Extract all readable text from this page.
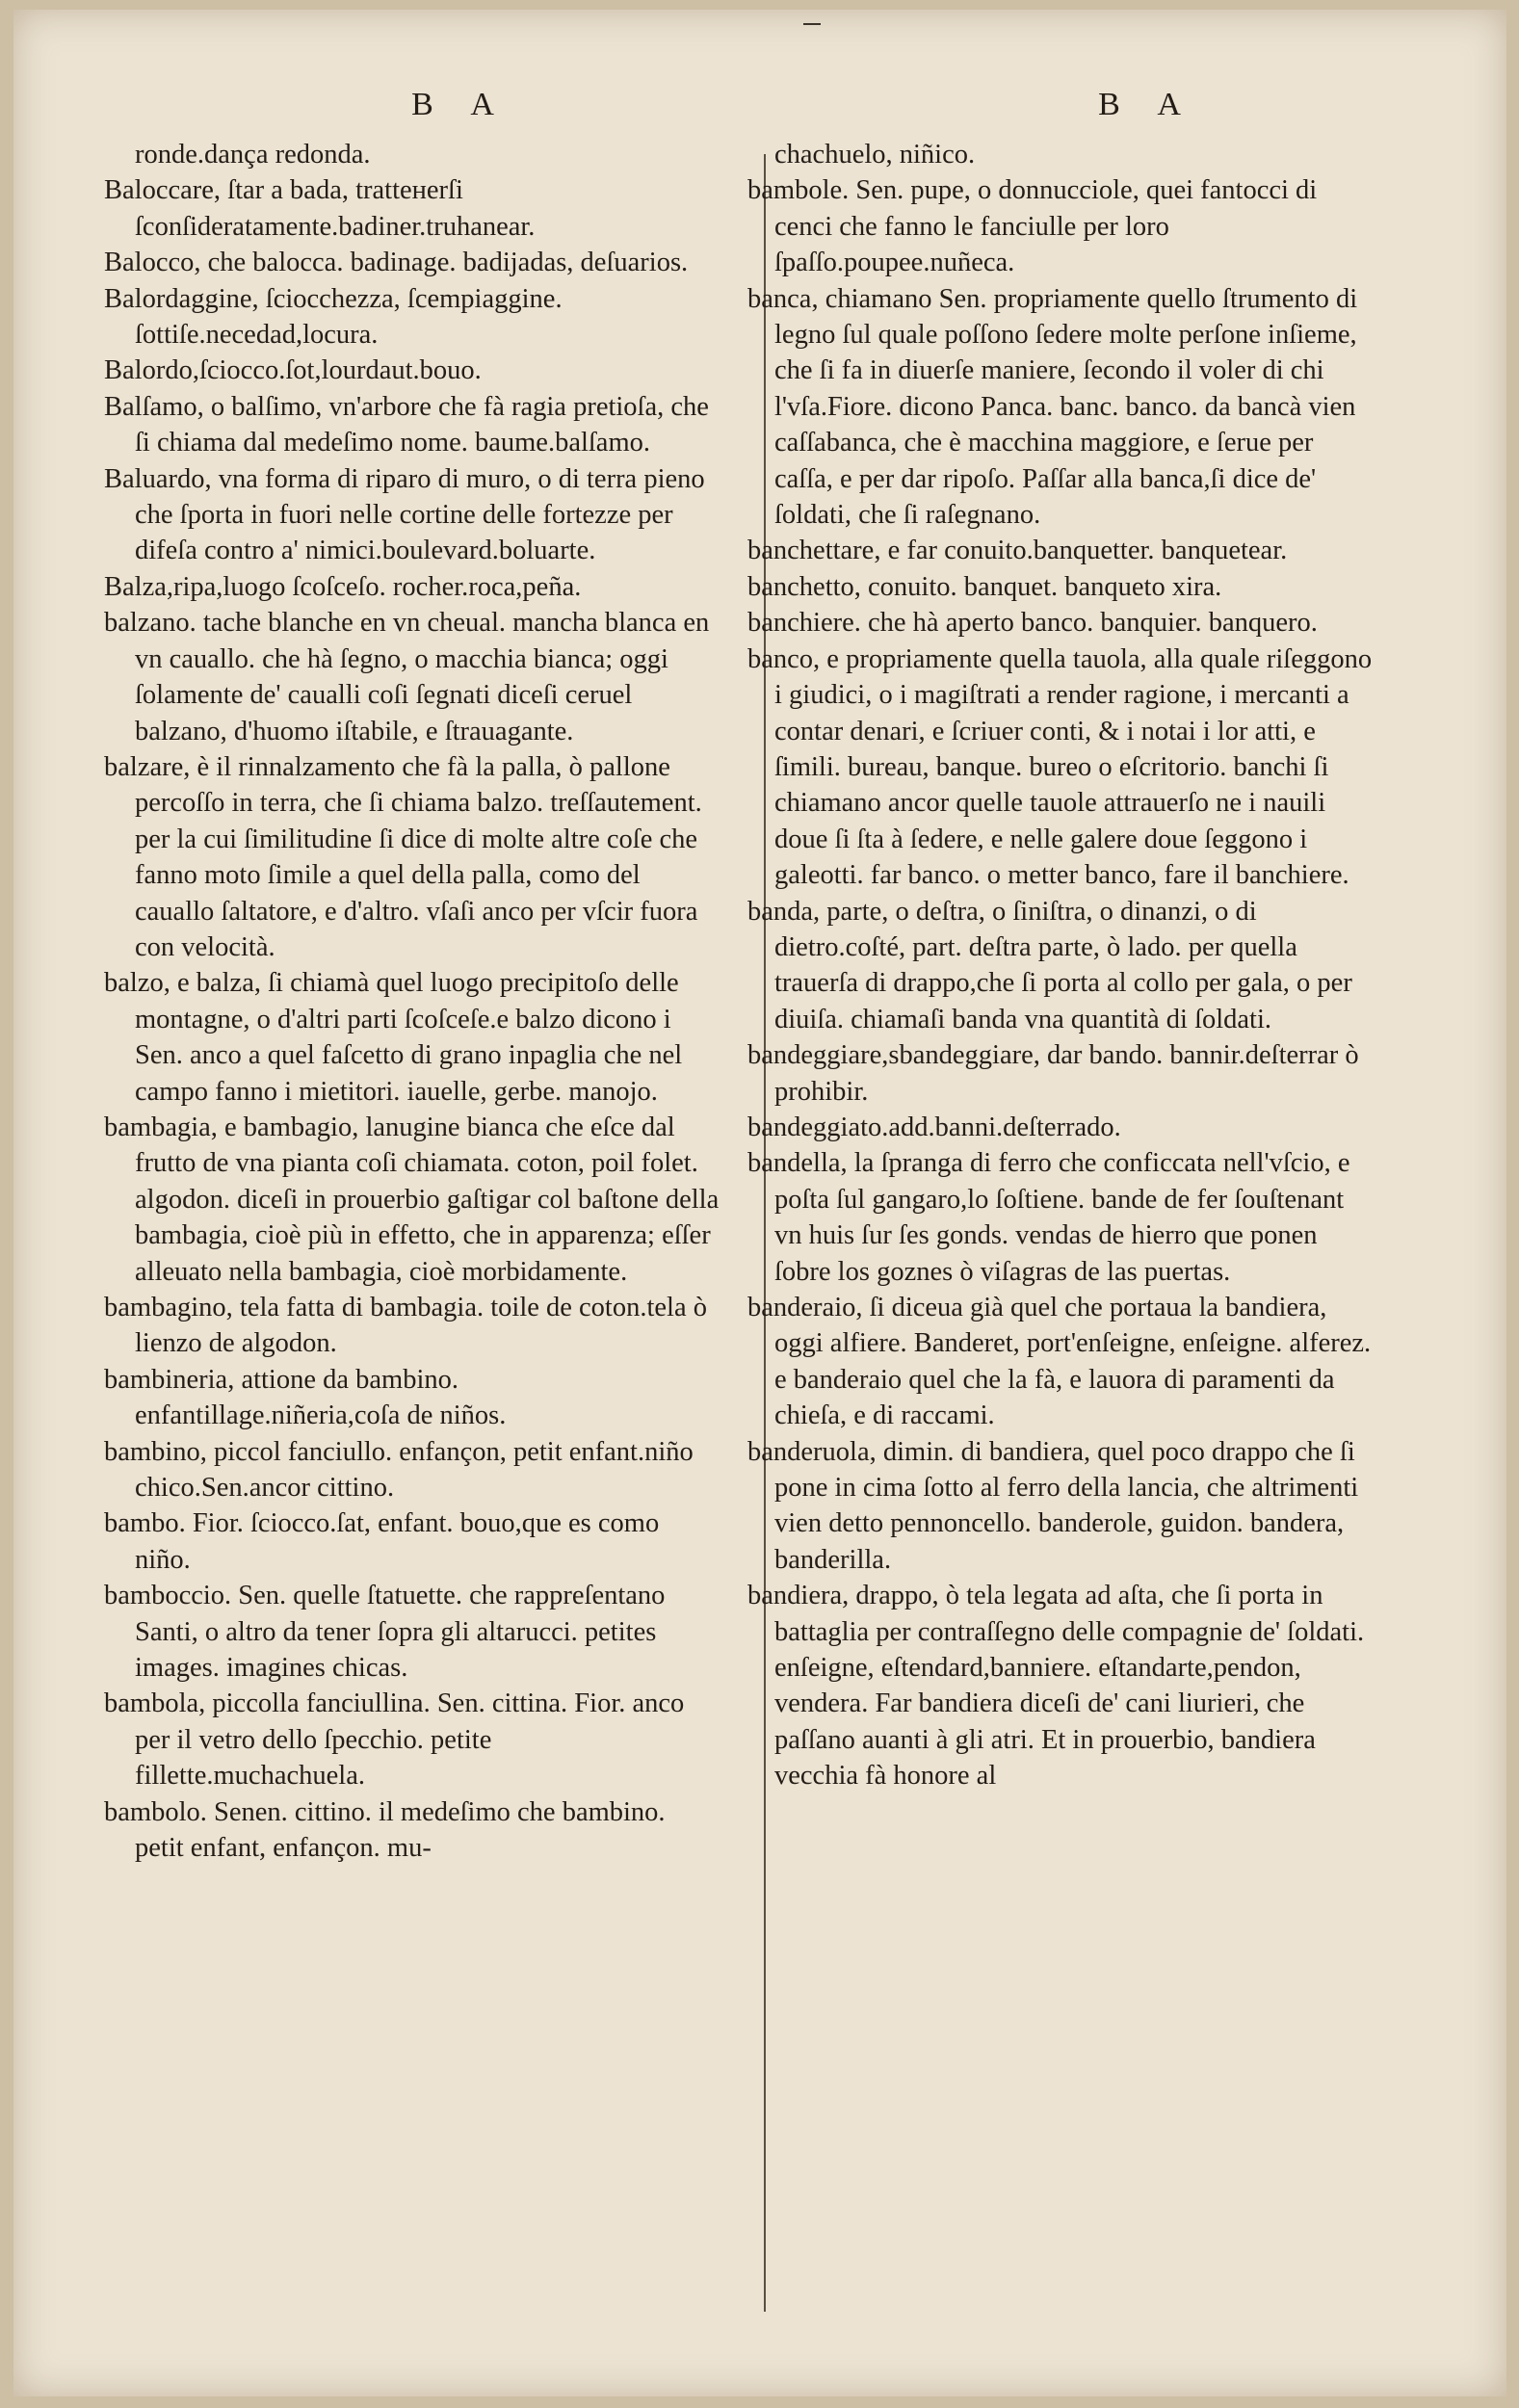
B A

ronde.dança redonda.

Baloccare, ſtar a bada, tratteнerſi ſconſideratamente.badiner.truhanear.

Balocco, che balocca. badinage. badijadas, deſuarios.

Balordaggine, ſciocchezza, ſcempiaggine. ſottiſe.necedad,locura.

Balordo,ſciocco.ſot,lourdaut.bouo.

Balſamo, o balſimo, vn'arbore che fà ragia pretioſa, che ſi chiama dal medeſimo nome. baume.balſamo.

Baluardo, vna forma di riparo di muro, o di terra pieno che ſporta in fuori nelle cortine delle fortezze per difeſa contro a' nimici.boulevard.boluarte.

Balza,ripa,luogo ſcoſceſo. rocher.roca,peña.

balzano. tache blanche en vn cheual. mancha blanca en vn cauallo. che hà ſegno, o macchia bianca; oggi ſolamente de' caualli coſi ſegnati diceſi ceruel balzano, d'huomo iſtabile, e ſtrauagante.

balzare, è il rinnalzamento che fà la palla, ò pallone percoſſo in terra, che ſi chiama balzo. treſſautement. per la cui ſimilitudine ſi dice di molte altre coſe che fanno moto ſimile a quel della palla, como del cauallo ſaltatore, e d'altro. vſaſi anco per vſcir fuora con velocità.

balzo, e balza, ſi chiamà quel luogo precipitoſo delle montagne, o d'altri parti ſcoſceſe.e balzo dicono i Sen. anco a quel faſcetto di grano inpaglia che nel campo fanno i mietitori. iauelle, gerbe. manojo.

bambagia, e bambagio, lanugine bianca che eſce dal frutto de vna pianta coſi chiamata. coton, poil folet. algodon. diceſi in prouerbio gaſtigar col baſtone della bambagia, cioè più in effetto, che in apparenza; eſſer alleuato nella bambagia, cioè morbidamente.

bambagino, tela fatta di bambagia. toile de coton.tela ò lienzo de algodon.

bambineria, attione da bambino. enfantillage.niñeria,coſa de niños.

bambino, piccol fanciullo. enfançon, petit enfant.niño chico.Sen.ancor cittino.

bambo. Fior. ſciocco.ſat, enfant. bouo,que es como niño.

bamboccio. Sen. quelle ſtatuette. che rappreſentano Santi, o altro da tener ſopra gli altarucci. petites images. imagines chicas.

bambola, piccolla fanciullina. Sen. cittina. Fior. anco per il vetro dello ſpecchio. petite fillette.muchachuela.

bambolo. Senen. cittino. il medeſimo che bambino. petit enfant, enfançon. mu-

B A

chachuelo, niñico.

bambole. Sen. pupe, o donnucciole, quei fantocci di cenci che fanno le fanciulle per loro ſpaſſo.poupee.nuñeca.

banca, chiamano Sen. propriamente quello ſtrumento di legno ſul quale poſſono ſedere molte perſone inſieme, che ſi fa in diuerſe maniere, ſecondo il voler di chi l'vſa.Fiore. dicono Panca. banc. banco. da bancà vien caſſabanca, che è macchina maggiore, e ſerue per caſſa, e per dar ripoſo. Paſſar alla banca,ſi dice de' ſoldati, che ſi raſegnano.

banchettare, e far conuito.banquetter. banquetear.

banchetto, conuito. banquet. banqueto xira.

banchiere. che hà aperto banco. banquier. banquero.

banco, e propriamente quella tauola, alla quale riſeggono i giudici, o i magiſtrati a render ragione, i mercanti a contar denari, e ſcriuer conti, & i notai i lor atti, e ſimili. bureau, banque. bureo o eſcritorio. banchi ſi chiamano ancor quelle tauole attrauerſo ne i nauili doue ſi ſta à ſedere, e nelle galere doue ſeggono i galeotti. far banco. o metter banco, fare il banchiere.

banda, parte, o deſtra, o ſiniſtra, o dinanzi, o di dietro.coſté, part. deſtra parte, ò lado. per quella trauerſa di drappo,che ſi porta al collo per gala, o per diuiſa. chiamaſi banda vna quantità di ſoldati.

bandeggiare,sbandeggiare, dar bando. bannir.deſterrar ò prohibir.

bandeggiato.add.banni.deſterrado.

bandella, la ſpranga di ferro che conficcata nell'vſcio, e poſta ſul gangaro,lo ſoſtiene. bande de fer ſouſtenant vn huis ſur ſes gonds. vendas de hierro que ponen ſobre los goznes ò viſagras de las puertas.

banderaio, ſi diceua già quel che portaua la bandiera, oggi alfiere. Banderet, port'enſeigne, enſeigne. alferez. e banderaio quel che la fà, e lauora di paramenti da chieſa, e di raccami.

banderuola, dimin. di bandiera, quel poco drappo che ſi pone in cima ſotto al ferro della lancia, che altrimenti vien detto pennoncello. banderole, guidon. bandera, banderilla.

bandiera, drappo, ò tela legata ad aſta, che ſi porta in battaglia per contraſſegno delle compagnie de' ſoldati. enſeigne, eſtendard,banniere. eſtandarte,pendon, vendera. Far bandiera diceſi de' cani liurieri, che paſſano auanti à gli atri. Et in prouerbio, bandiera vecchia fà honore al
